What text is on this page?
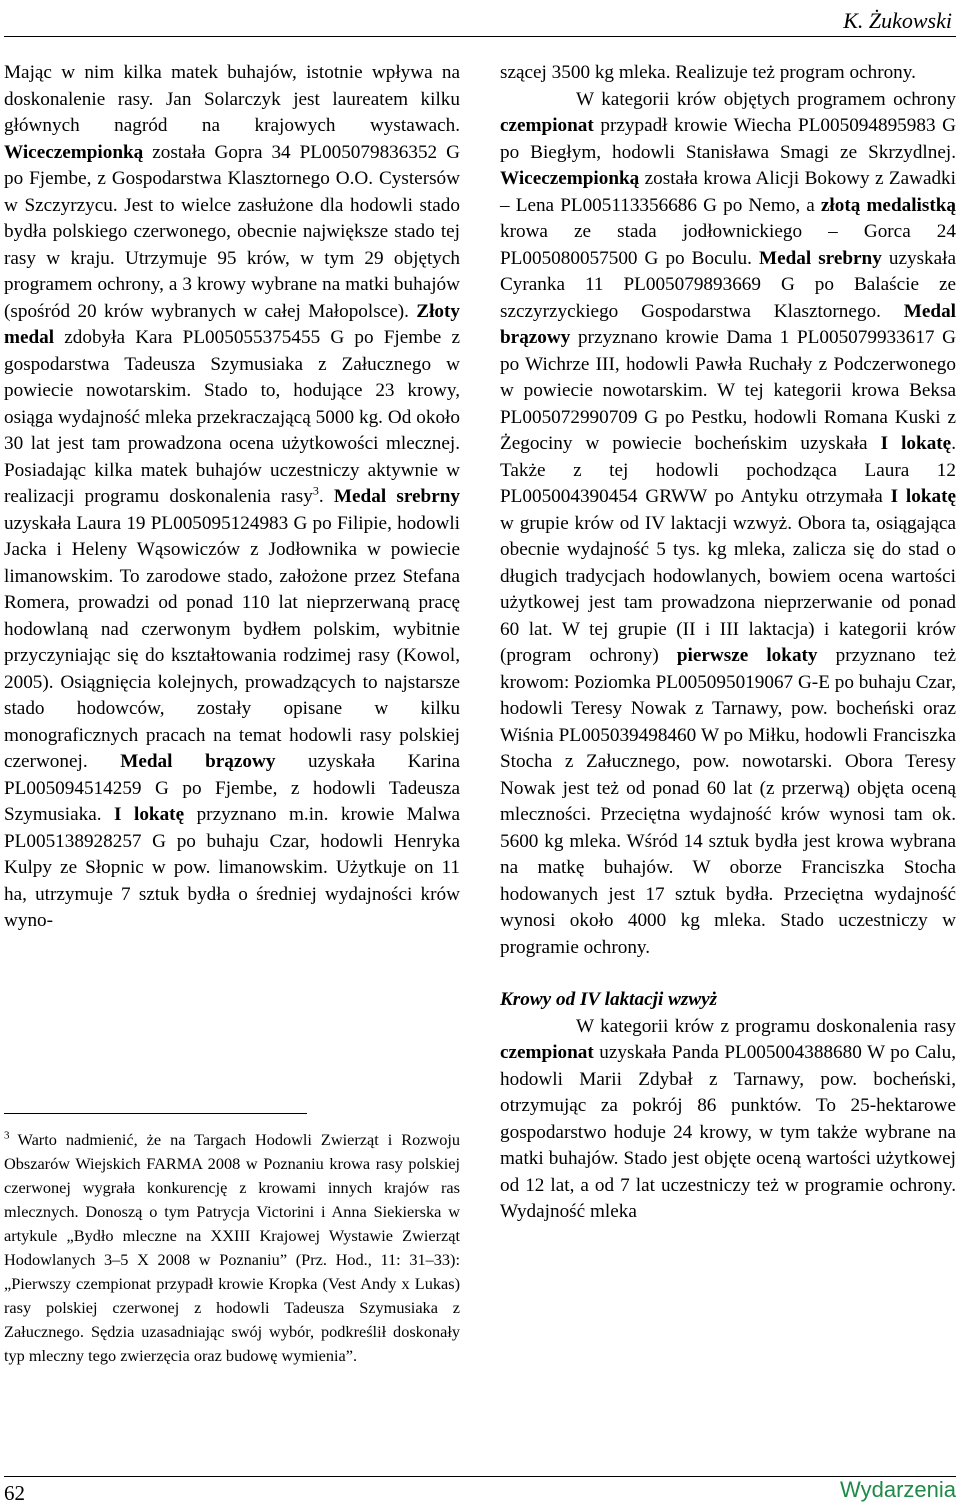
K. Żukowski

Mając w nim kilka matek buhajów, istotnie wpływa na doskonalenie rasy. Jan Solarczyk jest laureatem kilku głównych nagród na krajowych wystawach. Wiceczempionką została Gopra 34 PL005079836352 G po Fjembe, z Gospodarstwa Klasztornego O.O. Cystersów w Szczyrzycu. Jest to wielce zasłużone dla hodowli stado bydła polskiego czerwonego, obecnie największe stado tej rasy w kraju. Utrzymuje 95 krów, w tym 29 objętych programem ochrony, a 3 krowy wybrane na matki buhajów (spośród 20 krów wybranych w całej Małopolsce). Złoty medal zdobyła Kara PL005055375455 G po Fjembe z gospodarstwa Tadeusza Szymusiaka z Załucznego w powiecie nowotarskim. Stado to, hodujące 23 krowy, osiąga wydajność mleka przekraczającą 5000 kg. Od około 30 lat jest tam prowadzona ocena użytkowości mlecznej. Posiadając kilka matek buhajów uczestniczy aktywnie w realizacji programu doskonalenia rasy$^3$. Medal srebrny uzyskała Laura 19 PL005095124983 G po Filipie, hodowli Jacka i Heleny Wąsowiczów z Jodłownika w powiecie limanowskim. To zarodowe stado, założone przez Stefana Romera, prowadzi od ponad 110 lat nieprzerwaną pracę hodowlaną nad czerwonym bydłem polskim, wybitnie przyczyniając się do kształtowania rodzimej rasy (Kowol, 2005). Osiągnięcia kolejnych, prowadzących to najstarsze stado hodowców, zostały opisane w kilku monograficznych pracach na temat hodowli rasy polskiej czerwonej. Medal brązowy uzyskała Karina PL005094514259 G po Fjembe, z hodowli Tadeusza Szymusiaka. I lokatę przyznano m.in. krowie Malwa PL005138928257 G po buhaju Czar, hodowli Henryka Kulpy ze Słopnic w pow. limanowskim. Użytkuje on 11 ha, utrzymuje 7 sztuk bydła o średniej wydajności krów wyno-

$^3$ Warto nadmienić, że na Targach Hodowli Zwierząt i Rozwoju Obszarów Wiejskich FARMA 2008 w Poznaniu krowa rasy polskiej czerwonej wygrała konkurencję z krowami innych krajów ras mlecznych. Donoszą o tym Patrycja Victorini i Anna Siekierska w artykule „Bydło mleczne na XXIII Krajowej Wystawie Zwierząt Hodowlanych 3–5 X 2008 w Poznaniu” (Prz. Hod., 11: 31–33): „Pierwszy czempionat przypadł krowie Kropka (Vest Andy x Lukas) rasy polskiej czerwonej z hodowli Tadeusza Szymusiaka z Załucznego. Sędzia uzasadniając swój wybór, podkreślił doskonały typ mleczny tego zwierzęcia oraz budowę wymienia”.

szącej 3500 kg mleka. Realizuje też program ochrony.

W kategorii krów objętych programem ochrony czempionat przypadł krowie Wiecha PL005094895983 G po Biegłym, hodowli Stanisława Smagi ze Skrzydlnej. Wiceczempionką została krowa Alicji Bokowy z Zawadki – Lena PL005113356686 G po Nemo, a złotą medalistką krowa ze stada jodłownickiego – Gorca 24 PL005080057500 G po Boculu. Medal srebrny uzyskała Cyranka 11 PL005079893669 G po Balaście ze szczyrzyckiego Gospodarstwa Klasztornego. Medal brązowy przyznano krowie Dama 1 PL005079933617 G po Wichrze III, hodowli Pawła Ruchały z Podczerwonego w powiecie nowotarskim. W tej kategorii krowa Beksa PL005072990709 G po Pestku, hodowli Romana Kuski z Żegociny w powiecie bocheńskim uzyskała I lokatę. Także z tej hodowli pochodząca Laura 12 PL005004390454 GRWW po Antyku otrzymała I lokatę w grupie krów od IV laktacji wzwyż. Obora ta, osiągająca obecnie wydajność 5 tys. kg mleka, zalicza się do stad o długich tradycjach hodowlanych, bowiem ocena wartości użytkowej jest tam prowadzona nieprzerwanie od ponad 60 lat. W tej grupie (II i III laktacja) i kategorii krów (program ochrony) pierwsze lokaty przyznano też krowom: Poziomka PL005095019067 G-E po buhaju Czar, hodowli Teresy Nowak z Tarnawy, pow. bocheński oraz Wiśnia PL005039498460 W po Miłku, hodowli Franciszka Stocha z Załucznego, pow. nowotarski. Obora Teresy Nowak jest też od ponad 60 lat (z przerwą) objęta oceną mleczności. Przeciętna wydajność krów wynosi tam ok. 5600 kg mleka. Wśród 14 sztuk bydła jest krowa wybrana na matkę buhajów. W oborze Franciszka Stocha hodowanych jest 17 sztuk bydła. Przeciętna wydajność wynosi około 4000 kg mleka. Stado uczestniczy w programie ochrony.

Krowy od IV laktacji wzwyż

W kategorii krów z programu doskonalenia rasy czempionat uzyskała Panda PL005004388680 W po Calu, hodowli Marii Zdybał z Tarnawy, pow. bocheński, otrzymując za pokrój 86 punktów. To 25-hektarowe gospodarstwo hoduje 24 krowy, w tym także wybrane na matki buhajów. Stado jest objęte oceną wartości użytkowej od 12 lat, a od 7 lat uczestniczy też w programie ochrony. Wydajność mleka

62	Wydarzenia
